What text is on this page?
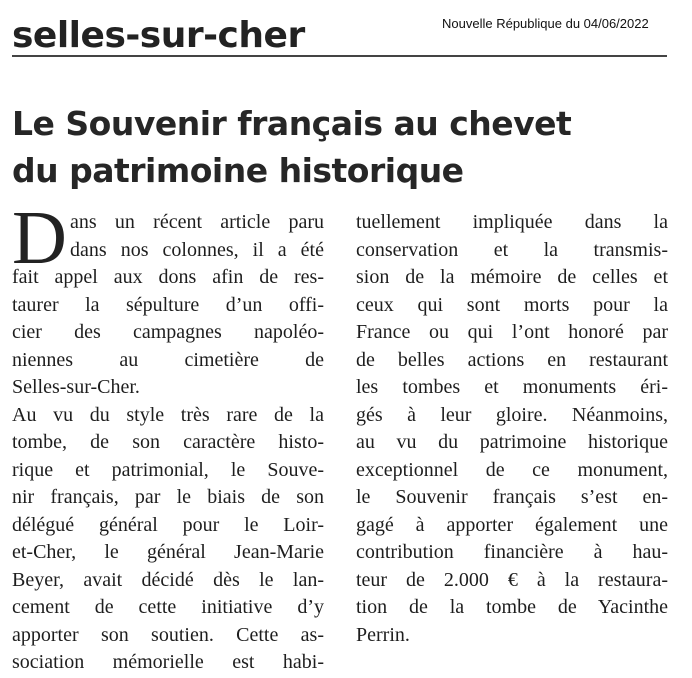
selles-sur-cher	Nouvelle République du 04/06/2022
Le Souvenir français au chevet
du patrimoine historique
D ans un récent article paru
dans nos colonnes, il a été
fait appel aux dons afin de res-
taurer la sépulture d’un offi-
cier des campagnes napoléo-
niennes au cimetière de
Selles-sur-Cher.
Au vu du style très rare de la
tombe, de son caractère histo-
rique et patrimonial, le Souve-
nir français, par le biais de son
délégué général pour le Loir-
et-Cher, le général Jean-Marie
Beyer, avait décidé dès le lan-
cement de cette initiative d’y
apporter son soutien. Cette as-
sociation mémorielle est habi-
tuellement impliquée dans la
conservation et la transmis-
sion de la mémoire de celles et
ceux qui sont morts pour la
France ou qui l’ont honoré par
de belles actions en restaurant
les tombes et monuments éri-
gés à leur gloire. Néanmoins,
au vu du patrimoine historique
exceptionnel de ce monument,
le Souvenir français s’est en-
gagé à apporter également une
contribution financière à hau-
teur de 2.000 € à la restaura-
tion de la tombe de Yacinthe
Perrin.
